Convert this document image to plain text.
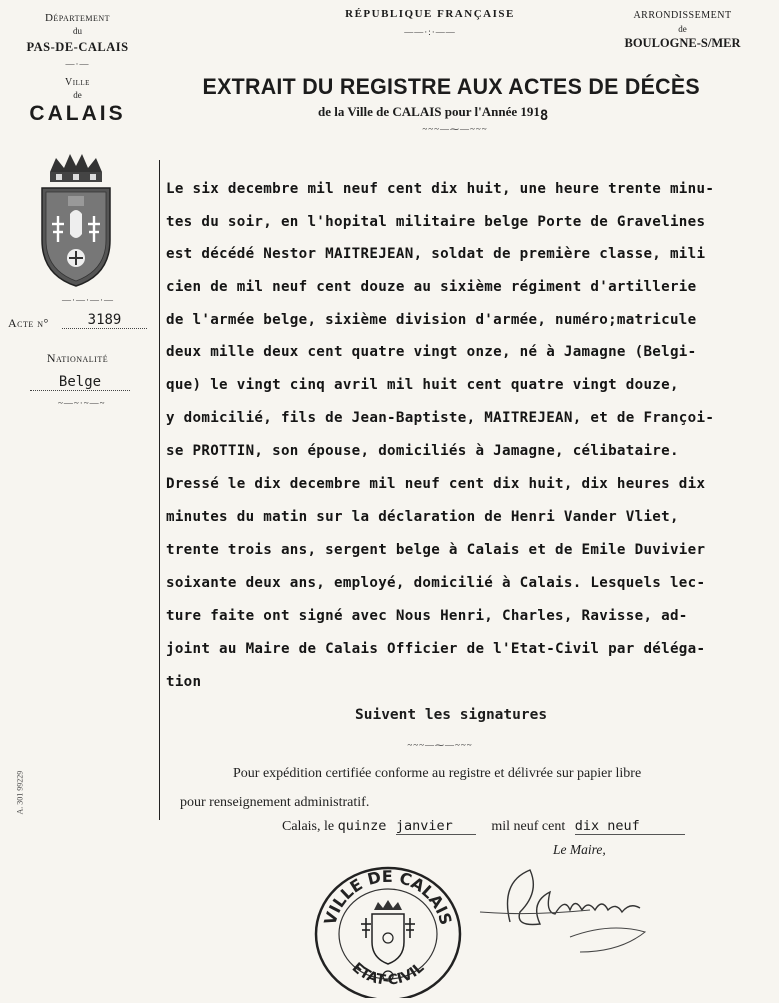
Département
du
PAS-DE-CALAIS
—·—
Ville
de
CALAIS
—·—·—·—
Acte n°	3189
Nationalité
Belge
~—~·~—~
A. 301 99229
RÉPUBLIQUE FRANÇAISE
——·:·——
EXTRAIT DU REGISTRE AUX ACTES DE DÉCÈS
de la Ville de CALAIS pour l'Année 1918
~~~—⁓—~~~
ARRONDISSEMENT
de
BOULOGNE-S/MER
Le six decembre mil neuf cent dix huit, une heure trente minu-
tes du soir, en l'hopital militaire belge Porte de Gravelines
est décédé Nestor MAITREJEAN, soldat de première classe, mili
cien de mil neuf cent douze au sixième régiment d'artillerie
de l'armée belge, sixième division d'armée, numéro;matricule
deux mille deux cent quatre vingt onze, né à Jamagne (Belgi-
que) le vingt cinq avril mil huit cent quatre vingt douze,
y domicilié, fils de Jean-Baptiste, MAITREJEAN, et de Françoi-
se PROTTIN, son épouse, domiciliés à Jamagne, célibataire.
Dressé le dix decembre mil neuf cent dix huit, dix heures dix
minutes du matin sur la déclaration de Henri Vander Vliet,
trente trois ans, sergent belge à Calais et de Emile Duvivier
soixante deux ans, employé, domicilié à Calais. Lesquels lec-
ture faite ont signé avec Nous Henri, Charles, Ravisse, ad-
joint au Maire de Calais Officier de l'Etat-Civil par déléga-
tion
Suivent les signatures
~~~—⁓—~~~
Pour expédition certifiée conforme au registre et délivrée sur papier libre
pour renseignement administratif.
Calais, le quinze janvier	mil neuf cent dix neuf
Le Maire,
VILLE DE CALAIS
ETAT-CIVIL
